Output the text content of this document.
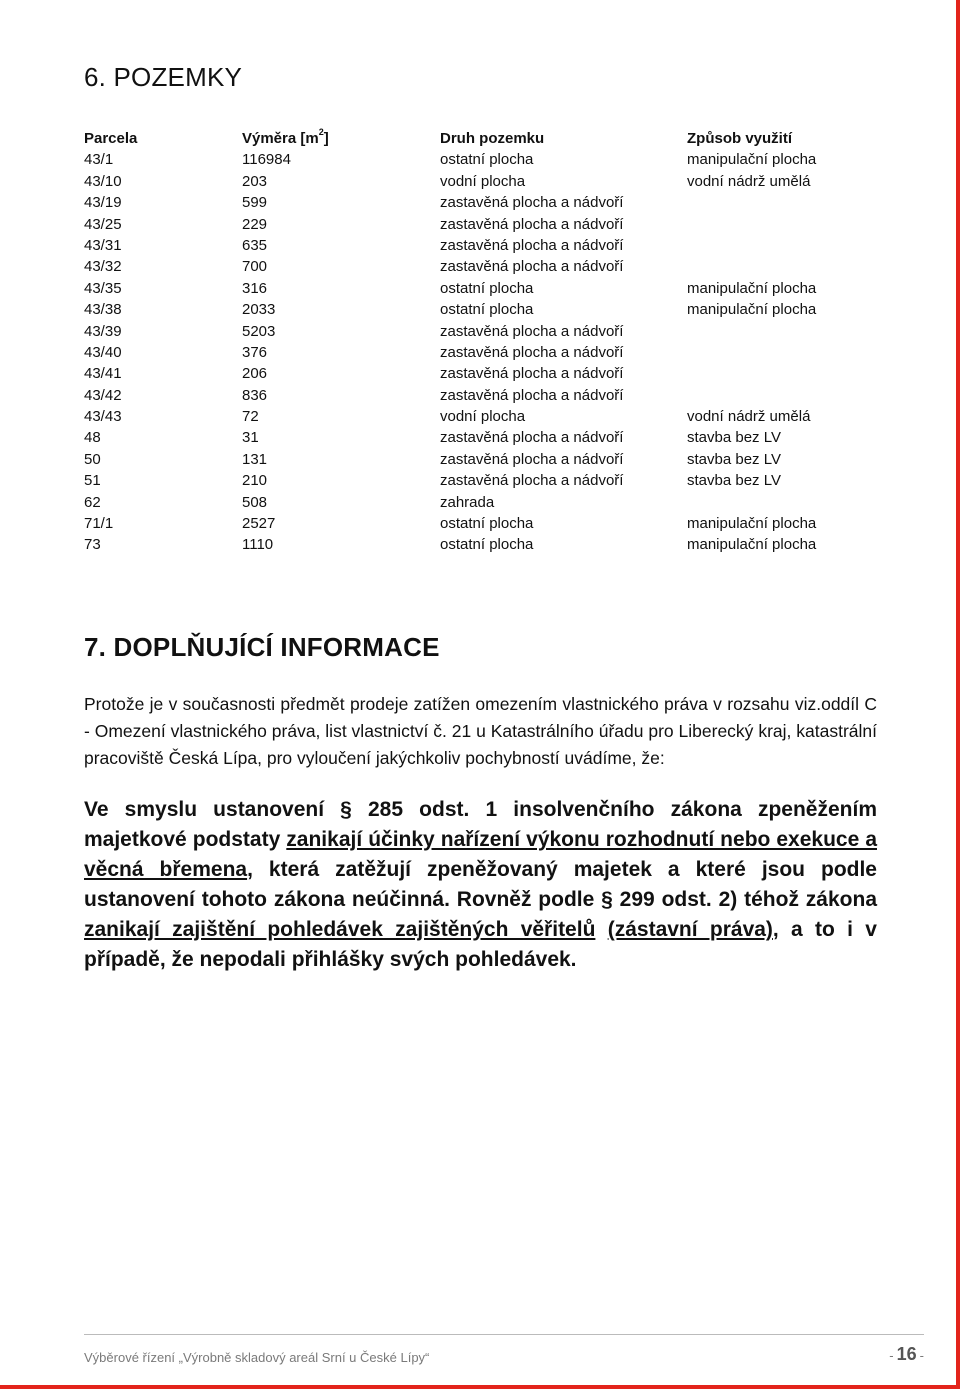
6. POZEMKY
Parcela	Výměra $[m^2]$	Druh pozemku	Způsob využití
43/1	116984	ostatní plocha	manipulační plocha
43/10	203	vodní plocha	vodní nádrž umělá
43/19	599	zastavěná plocha a nádvoří
43/25	229	zastavěná plocha a nádvoří
43/31	635	zastavěná plocha a nádvoří
43/32	700	zastavěná plocha a nádvoří
43/35	316	ostatní plocha	manipulační plocha
43/38	2033	ostatní plocha	manipulační plocha
43/39	5203	zastavěná plocha a nádvoří
43/40	376	zastavěná plocha a nádvoří
43/41	206	zastavěná plocha a nádvoří
43/42	836	zastavěná plocha a nádvoří
43/43	72	vodní plocha	vodní nádrž umělá
48	31	zastavěná plocha a nádvoří	stavba bez LV
50	131	zastavěná plocha a nádvoří	stavba bez LV
51	210	zastavěná plocha a nádvoří	stavba bez LV
62	508	zahrada
71/1	2527	ostatní plocha	manipulační plocha
73	1110	ostatní plocha	manipulační plocha
7. DOPLŇUJÍCÍ INFORMACE
Protože je v současnosti předmět prodeje zatížen omezením vlastnického práva v rozsahu viz.oddíl C - Omezení vlastnického práva, list vlastnictví č. 21 u Katastrálního úřadu pro Liberecký kraj, katastrální pracoviště Česká Lípa, pro vyloučení jakýchkoliv pochybností uvádíme, že:
Ve smyslu ustanovení § 285 odst. 1 insolvenčního zákona zpeněžením majetkové podstaty zanikají účinky nařízení výkonu rozhodnutí nebo exekuce a věcná břemena, která zatěžují zpeněžovaný majetek a které jsou podle ustanovení tohoto zákona neúčinná. Rovněž podle § 299 odst. 2) téhož zákona zanikají zajištění pohledávek zajištěných věřitelů (zástavní práva), a to i v případě, že nepodali přihlášky svých pohledávek.
Výběrové řízení „Výrobně skladový areál Srní u České Lípy“	- 16 -
